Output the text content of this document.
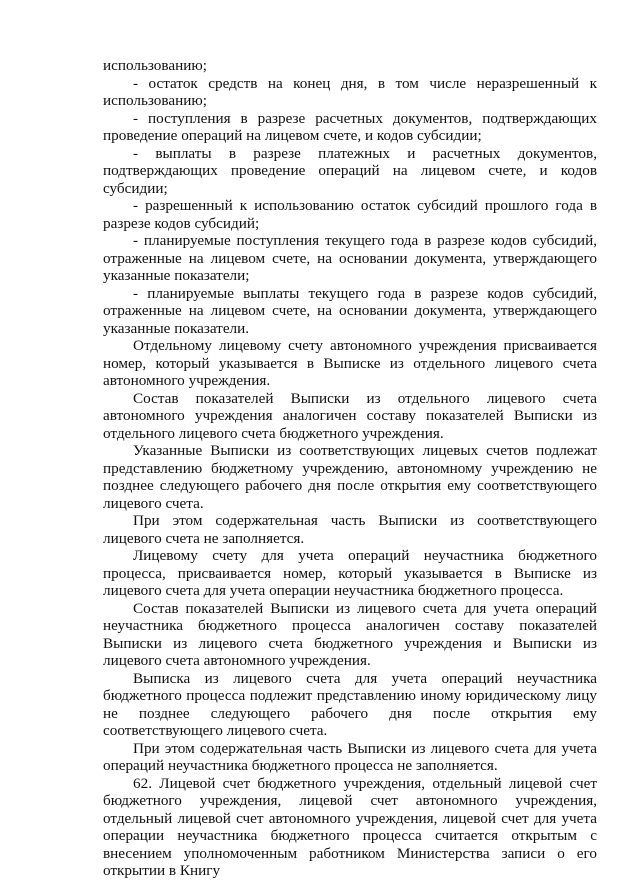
использованию;

- остаток средств на конец дня, в том числе неразрешенный к использованию;

- поступления в разрезе расчетных документов, подтверждающих проведение операций на лицевом счете, и кодов субсидии;

- выплаты в разрезе платежных и расчетных документов, подтверждающих проведение операций на лицевом счете, и кодов субсидии;

- разрешенный к использованию остаток субсидий прошлого года в разрезе кодов субсидий;

- планируемые поступления текущего года в разрезе кодов субсидий, отраженные на лицевом счете, на основании документа, утверждающего указанные показатели;

- планируемые выплаты текущего года в разрезе кодов субсидий, отраженные на лицевом счете, на основании документа, утверждающего указанные показатели.

Отдельному лицевому счету автономного учреждения присваивается номер, который указывается в Выписке из отдельного лицевого счета автономного учреждения.

Состав показателей Выписки из отдельного лицевого счета автономного учреждения аналогичен составу показателей Выписки из отдельного лицевого счета бюджетного учреждения.

Указанные Выписки из соответствующих лицевых счетов подлежат представлению бюджетному учреждению, автономному учреждению не позднее следующего рабочего дня после открытия ему соответствующего лицевого счета.

При этом содержательная часть Выписки из соответствующего лицевого счета не заполняется.

Лицевому счету для учета операций неучастника бюджетного процесса, присваивается номер, который указывается в Выписке из лицевого счета для учета операции неучастника бюджетного процесса.

Состав показателей Выписки из лицевого счета для учета операций неучастника бюджетного процесса аналогичен составу показателей Выписки из лицевого счета бюджетного учреждения и Выписки из лицевого счета автономного учреждения.

Выписка из лицевого счета для учета операций неучастника бюджетного процесса подлежит представлению иному юридическому лицу не позднее следующего рабочего дня после открытия ему соответствующего лицевого счета.

При этом содержательная часть Выписки из лицевого счета для учета операций неучастника бюджетного процесса не заполняется.

62. Лицевой счет бюджетного учреждения, отдельный лицевой счет бюджетного учреждения, лицевой счет автономного учреждения, отдельный лицевой счет автономного учреждения, лицевой счет для учета операции неучастника бюджетного процесса считается открытым с внесением уполномоченным работником Министерства записи о его открытии в Книгу
